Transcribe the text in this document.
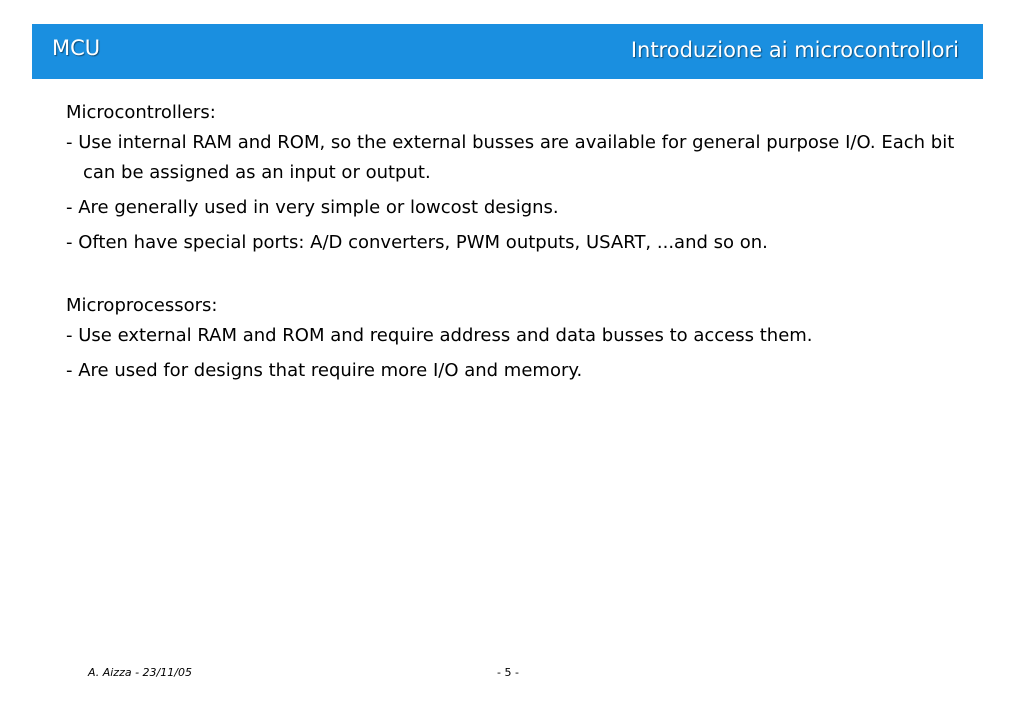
MCU	Introduzione ai microcontrollori
Microcontrollers:
- Use internal RAM and ROM, so the external busses are available for general purpose I/O. Each bit can be assigned as an input or output.
- Are generally used in very simple or lowcost designs.
- Often have special ports: A/D converters, PWM outputs, USART, ...and so on.
Microprocessors:
- Use external RAM and ROM and require address and data busses to access them.
- Are used for designs that require more I/O and memory.
A. Aizza - 23/11/05	- 5 -
